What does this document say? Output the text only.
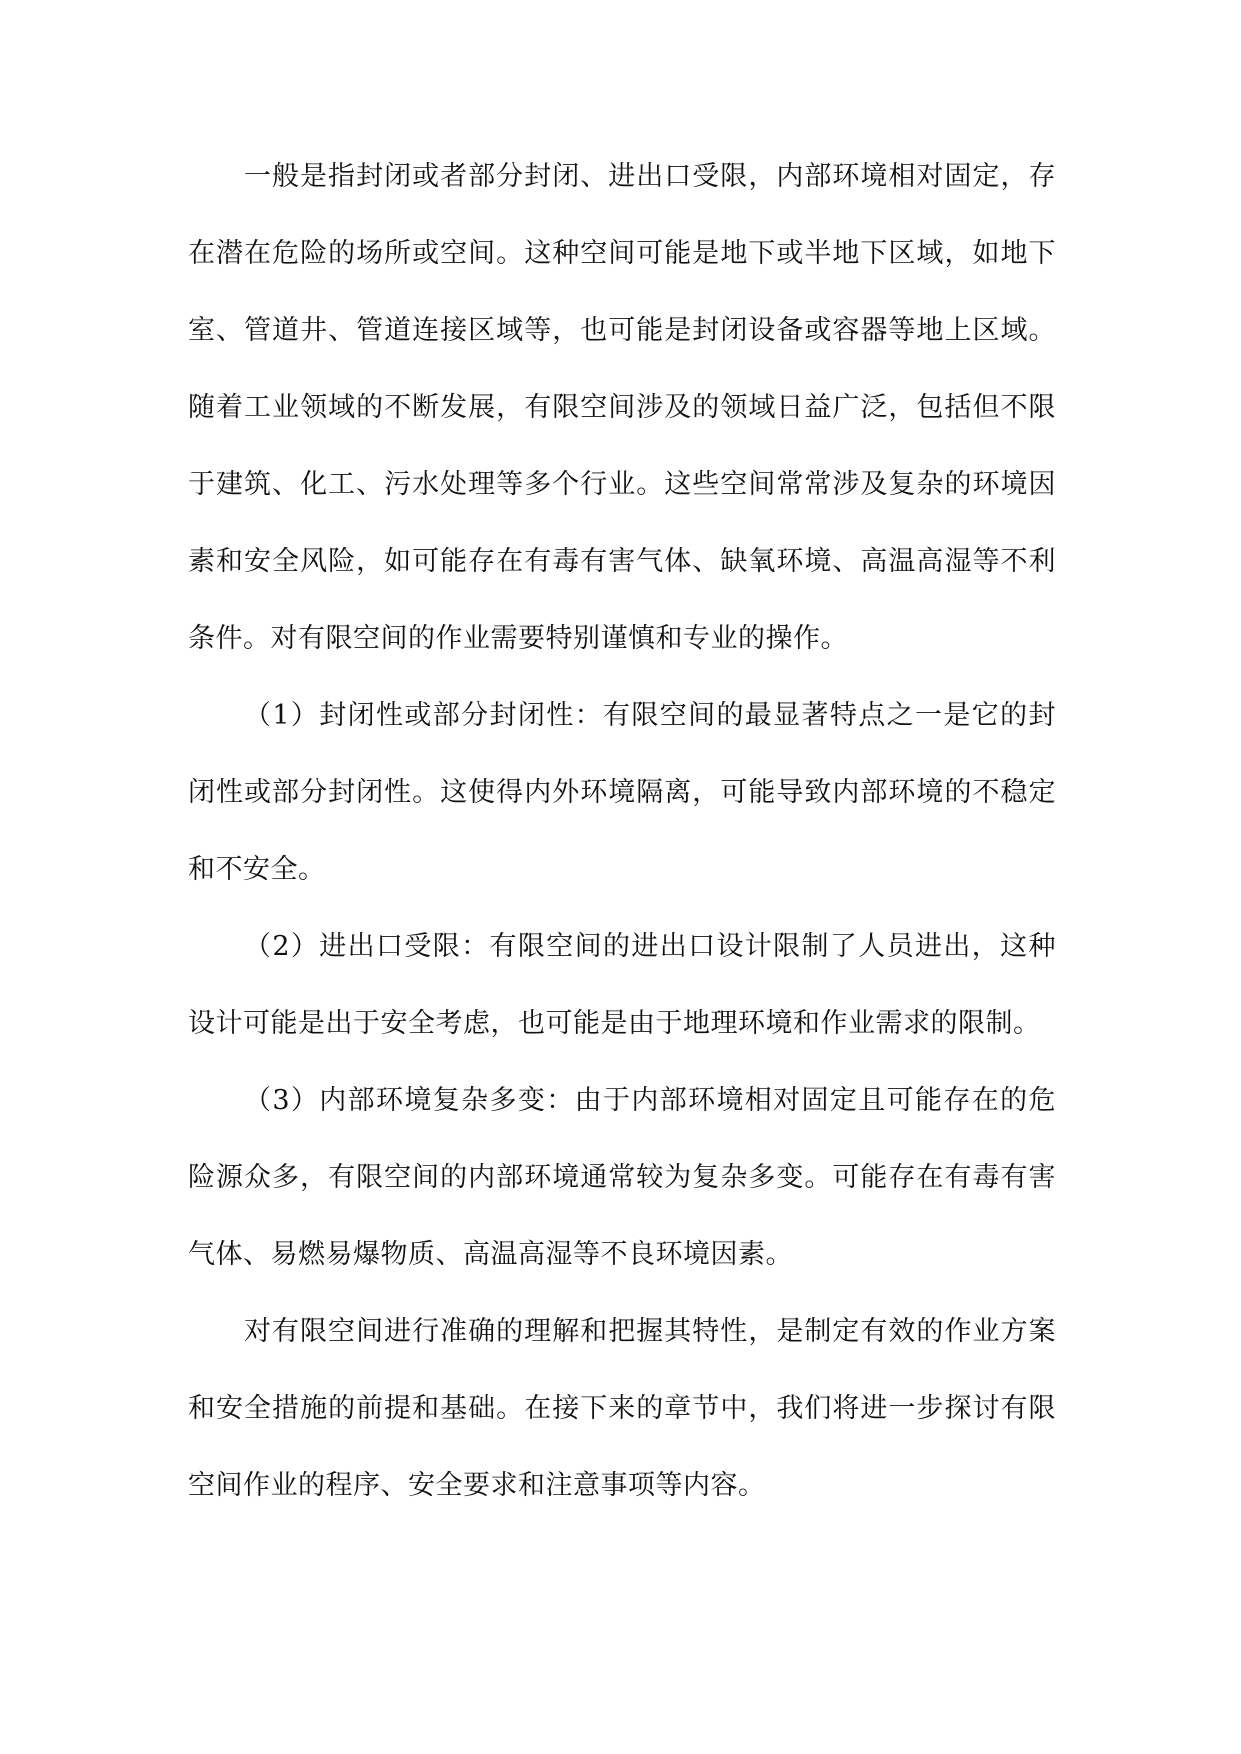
一般是指封闭或者部分封闭、进出口受限，内部环境相对固定，存在潜在危险的场所或空间。这种空间可能是地下或半地下区域，如地下室、管道井、管道连接区域等，也可能是封闭设备或容器等地上区域。随着工业领域的不断发展，有限空间涉及的领域日益广泛，包括但不限于建筑、化工、污水处理等多个行业。这些空间常常涉及复杂的环境因素和安全风险，如可能存在有毒有害气体、缺氧环境、高温高湿等不利条件。对有限空间的作业需要特别谨慎和专业的操作。

（1）封闭性或部分封闭性：有限空间的最显著特点之一是它的封闭性或部分封闭性。这使得内外环境隔离，可能导致内部环境的不稳定和不安全。

（2）进出口受限：有限空间的进出口设计限制了人员进出，这种设计可能是出于安全考虑，也可能是由于地理环境和作业需求的限制。

（3）内部环境复杂多变：由于内部环境相对固定且可能存在的危险源众多，有限空间的内部环境通常较为复杂多变。可能存在有毒有害气体、易燃易爆物质、高温高湿等不良环境因素。

对有限空间进行准确的理解和把握其特性，是制定有效的作业方案和安全措施的前提和基础。在接下来的章节中，我们将进一步探讨有限空间作业的程序、安全要求和注意事项等内容。
